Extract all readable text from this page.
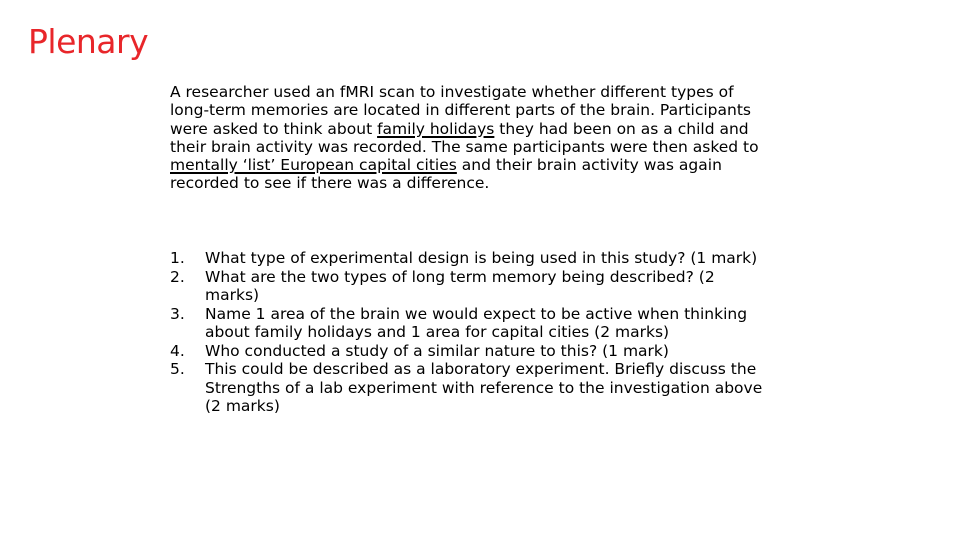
Plenary

A researcher used an fMRI scan to investigate whether different types of long-term memories are located in different parts of the brain. Participants were asked to think about family holidays they had been on as a child and their brain activity was recorded. The same participants were then asked to mentally ‘list’ European capital cities and their brain activity was again recorded to see if there was a difference.

1. What type of experimental design is being used in this study? (1 mark)
2. What are the two types of long term memory being described? (2 marks)
3. Name 1 area of the brain we would expect to be active when thinking about family holidays and 1 area for capital cities (2 marks)
4. Who conducted a study of a similar nature to this? (1 mark)
5. This could be described as a laboratory experiment. Briefly discuss the Strengths of a lab experiment with reference to the investigation above (2 marks)
